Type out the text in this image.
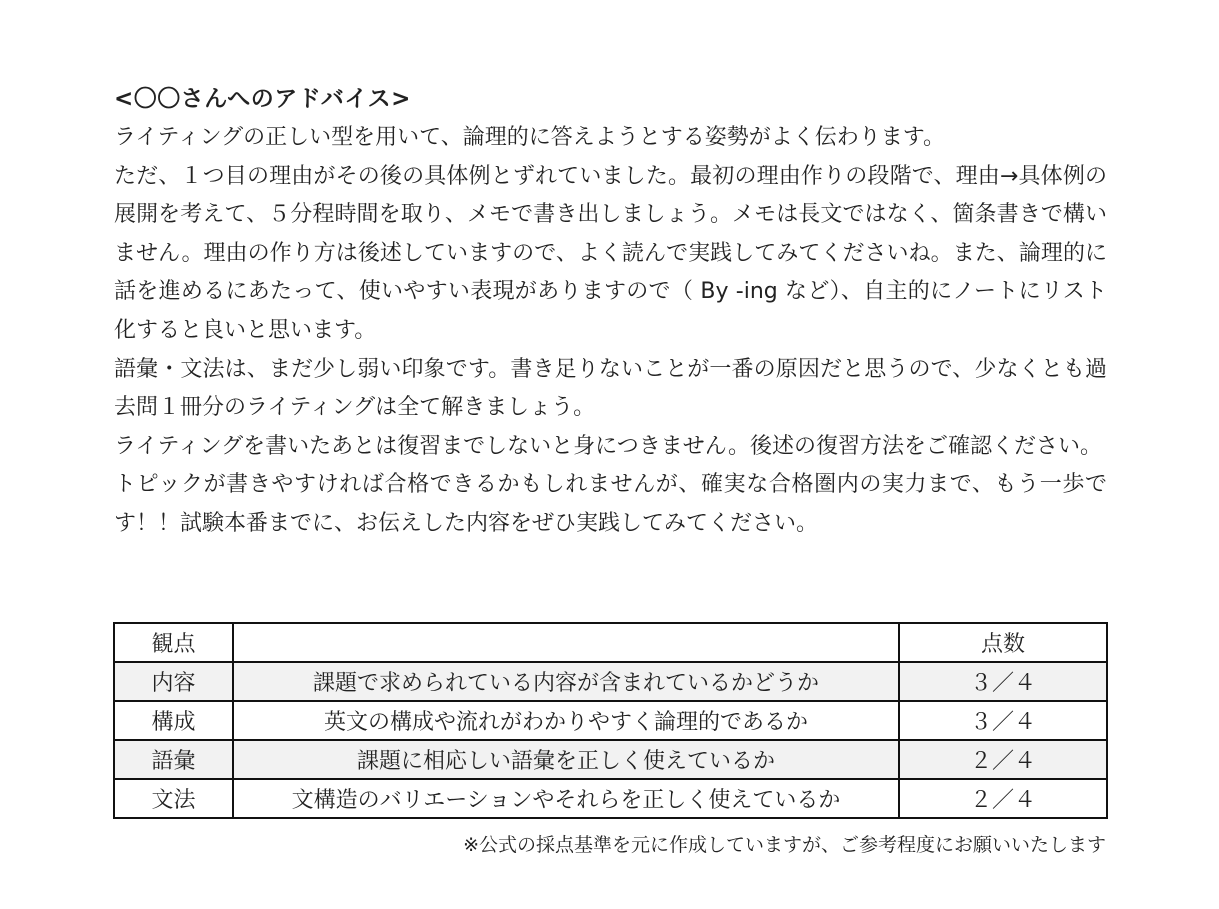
<〇〇さんへのアドバイス>

ライティングの正しい型を用いて、論理的に答えようとする姿勢がよく伝わります。

ただ、１つ目の理由がその後の具体例とずれていました。最初の理由作りの段階で、理由→具体例の展開を考えて、５分程時間を取り、メモで書き出しましょう。メモは長文ではなく、箇条書きで構いません。理由の作り方は後述していますので、よく読んで実践してみてくださいね。また、論理的に話を進めるにあたって、使いやすい表現がありますので（ By -ing など）、自主的にノートにリスト化すると良いと思います。

語彙・文法は、まだ少し弱い印象です。書き足りないことが一番の原因だと思うので、少なくとも過去問１冊分のライティングは全て解きましょう。

ライティングを書いたあとは復習までしないと身につきません。後述の復習方法をご確認ください。

トピックが書きやすければ合格できるかもしれませんが、確実な合格圏内の実力まで、もう一歩です！！試験本番までに、お伝えした内容をぜひ実践してみてください。

観点		点数
内容	課題で求められている内容が含まれているかどうか	３／４
構成	英文の構成や流れがわかりやすく論理的であるか	３／４
語彙	課題に相応しい語彙を正しく使えているか	２／４
文法	文構造のバリエーションやそれらを正しく使えているか	２／４
※公式の採点基準を元に作成していますが、ご参考程度にお願いいたします
